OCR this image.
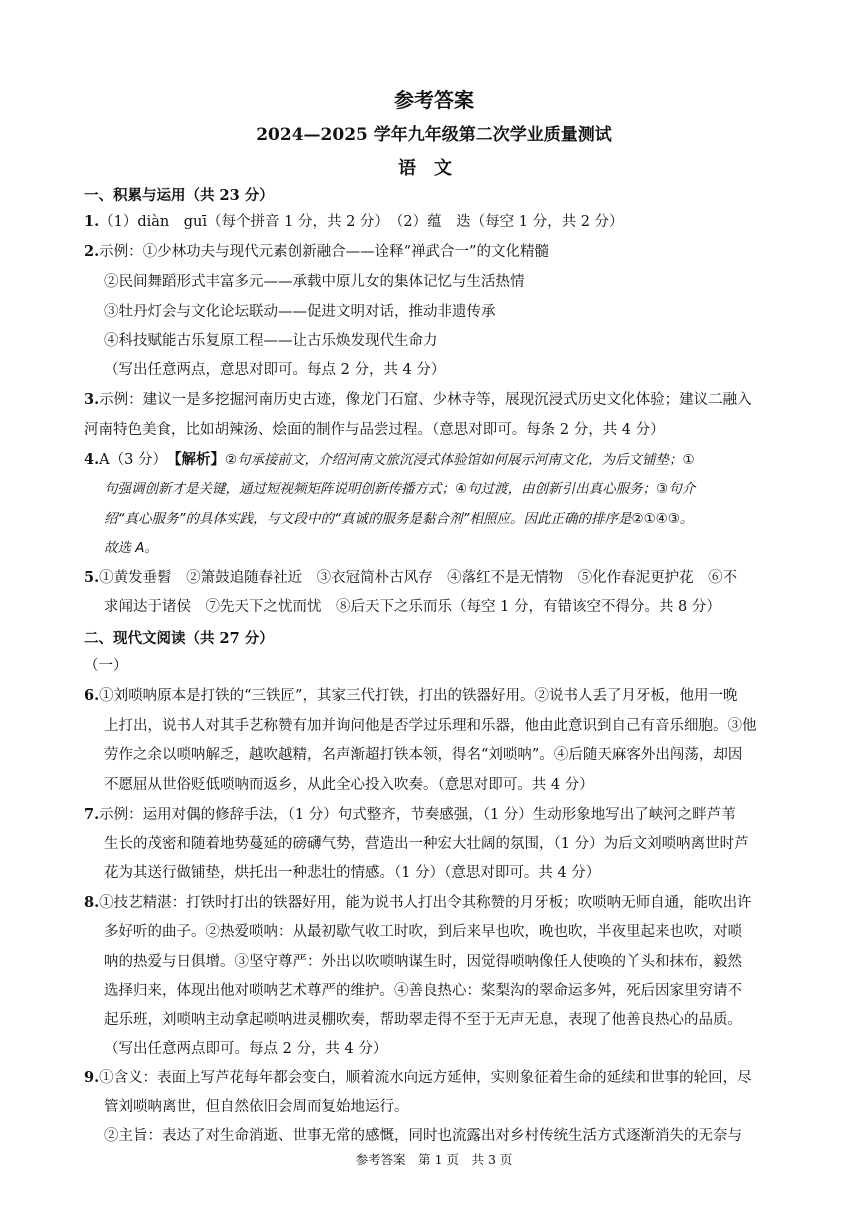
参考答案
2024—2025 学年九年级第二次学业质量测试
语文
一、积累与运用（共 23 分）
1.（1）diàn　guī（每个拼音 1 分，共 2 分）　（2）蕴　迭（每空 1 分，共 2 分）
2.示例：①少林功夫与现代元素创新融合——诠释“禅武合一”的文化精髓
②民间舞蹈形式丰富多元——承载中原儿女的集体记忆与生活热情
③牡丹灯会与文化论坛联动——促进文明对话，推动非遗传承
④科技赋能古乐复原工程——让古乐焕发现代生命力
（写出任意两点，意思对即可。每点 2 分，共 4 分）
3.示例：建议一是多挖掘河南历史古迹，像龙门石窟、少林寺等，展现沉浸式历史文化体验；建议二融入
河南特色美食，比如胡辣汤、烩面的制作与品尝过程。（意思对即可。每条 2 分，共 4 分）
4.A（3 分）　【解析】②句承接前文，介绍河南文旅沉浸式体验馆如何展示河南文化，为后文铺垫；①
句强调创新才是关键，通过短视频矩阵说明创新传播方式；④句过渡，由创新引出真心服务；③句介
绍“真心服务”的具体实践，与文段中的“真诚的服务是黏合剂”相照应。因此正确的排序是②①④③。
故选 A。
5.①黄发垂髫　②箫鼓追随春社近　③衣冠简朴古风存　④落红不是无情物　⑤化作春泥更护花　⑥不
求闻达于诸侯　⑦先天下之忧而忧　⑧后天下之乐而乐（每空 1 分，有错该空不得分。共 8 分）
二、现代文阅读（共 27 分）
（一）
6.①刘唢呐原本是打铁的“三铁匠”，其家三代打铁，打出的铁器好用。②说书人丢了月牙板，他用一晚
上打出，说书人对其手艺称赞有加并询问他是否学过乐理和乐器，他由此意识到自己有音乐细胞。③他
劳作之余以唢呐解乏，越吹越精，名声渐超打铁本领，得名“刘唢呐”。④后随天麻客外出闯荡，却因
不愿屈从世俗贬低唢呐而返乡，从此全心投入吹奏。（意思对即可。共 4 分）
7.示例：运用对偶的修辞手法，（1 分）句式整齐，节奏感强，（1 分）生动形象地写出了峡河之畔芦苇
生长的茂密和随着地势蔓延的磅礴气势，营造出一种宏大壮阔的氛围，（1 分）为后文刘唢呐离世时芦
花为其送行做铺垫，烘托出一种悲壮的情感。（1 分）（意思对即可。共 4 分）
8.①技艺精湛：打铁时打出的铁器好用，能为说书人打出令其称赞的月牙板；吹唢呐无师自通，能吹出许
多好听的曲子。②热爱唢呐：从最初歇气收工时吹，到后来早也吹，晚也吹，半夜里起来也吹，对唢
呐的热爱与日俱增。③坚守尊严：外出以吹唢呐谋生时，因觉得唢呐像任人使唤的丫头和抹布，毅然
选择归来，体现出他对唢呐艺术尊严的维护。④善良热心：桨梨沟的翠命运多舛，死后因家里穷请不
起乐班，刘唢呐主动拿起唢呐进灵棚吹奏，帮助翠走得不至于无声无息，表现了他善良热心的品质。
（写出任意两点即可。每点 2 分，共 4 分）
9.①含义：表面上写芦花每年都会变白，顺着流水向远方延伸，实则象征着生命的延续和世事的轮回，尽
管刘唢呐离世，但自然依旧会周而复始地运行。
②主旨：表达了对生命消逝、世事无常的感慨，同时也流露出对乡村传统生活方式逐渐消失的无奈与
参考答案　第 1 页　共 3 页
